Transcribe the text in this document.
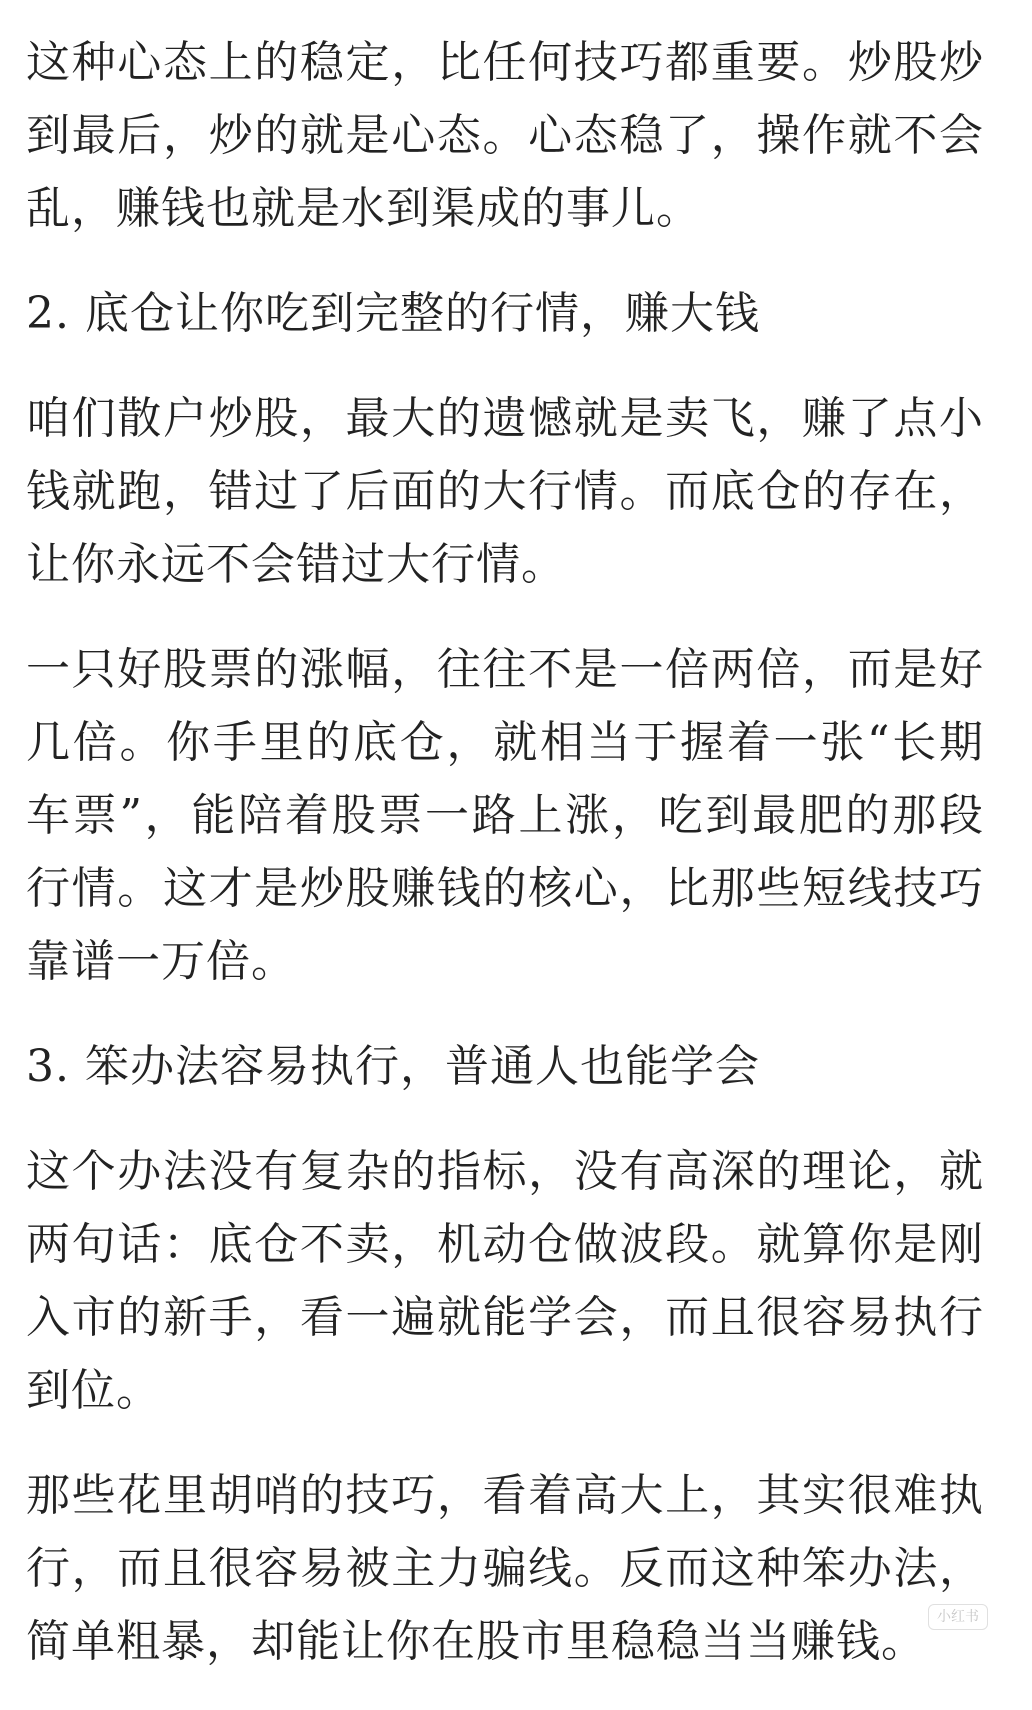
这种心态上的稳定，比任何技巧都重要。炒股炒到最后，炒的就是心态。心态稳了，操作就不会乱，赚钱也就是水到渠成的事儿。

2. 底仓让你吃到完整的行情，赚大钱

咱们散户炒股，最大的遗憾就是卖飞，赚了点小钱就跑，错过了后面的大行情。而底仓的存在，让你永远不会错过大行情。

一只好股票的涨幅，往往不是一倍两倍，而是好几倍。你手里的底仓，就相当于握着一张“长期车票”，能陪着股票一路上涨，吃到最肥的那段行情。这才是炒股赚钱的核心，比那些短线技巧靠谱一万倍。

3. 笨办法容易执行，普通人也能学会

这个办法没有复杂的指标，没有高深的理论，就两句话：底仓不卖，机动仓做波段。就算你是刚入市的新手，看一遍就能学会，而且很容易执行到位。

那些花里胡哨的技巧，看着高大上，其实很难执行，而且很容易被主力骗线。反而这种笨办法，简单粗暴，却能让你在股市里稳稳当当赚钱。 小红书
